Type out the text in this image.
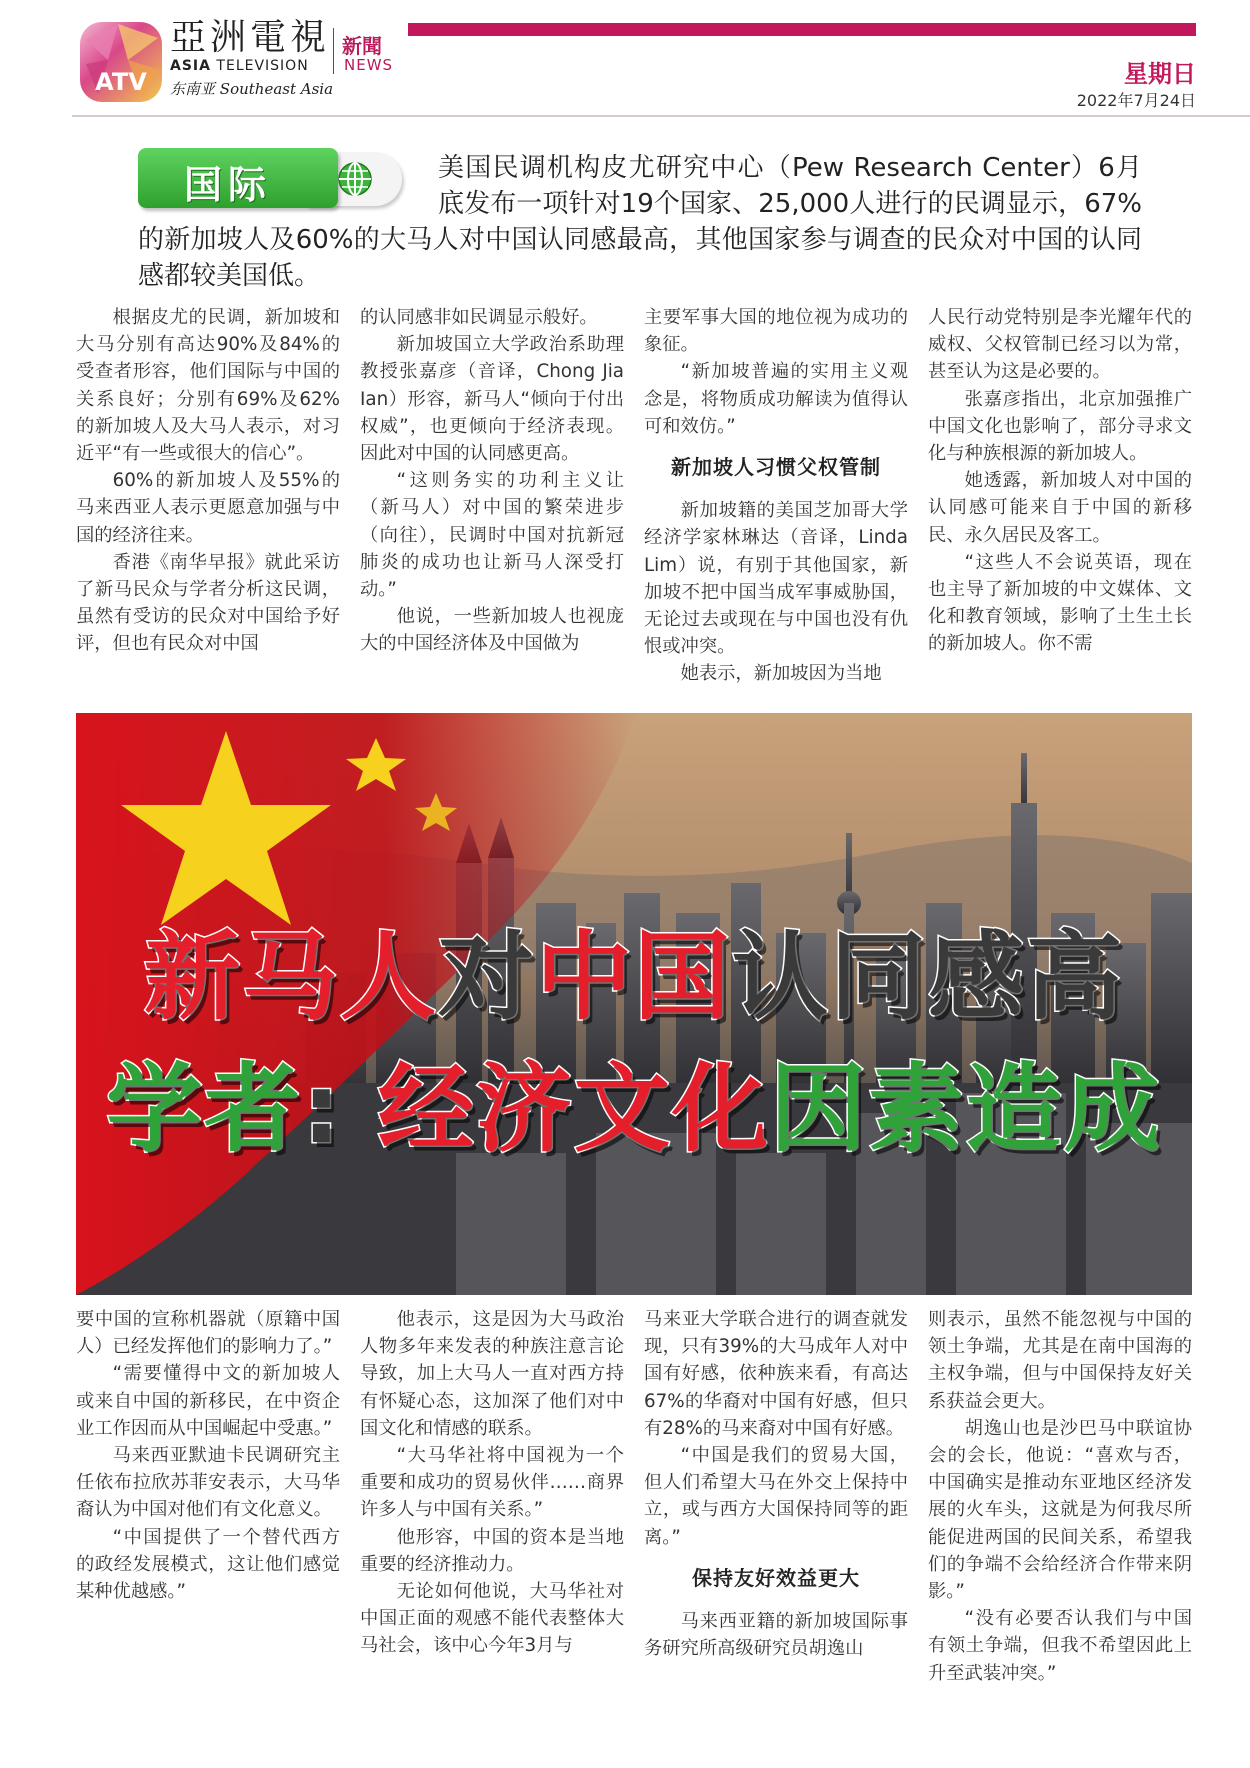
ATV
亞洲電視
ASIA TELEVISION
东南亚 Southeast Asia
新聞
NEWS	星期日
2022年7月24日
国际	美国民调机构皮尤研究中心（Pew Research Center）6月底发布一项针对19个国家、25,000人进行的民调显示，67%的新加坡人及60%的大马人对中国认同感最高，其他国家参与调查的民众对中国的认同感都较美国低。

根据皮尤的民调，新加坡和大马分别有高达90%及84%的受查者形容，他们国际与中国的关系良好；分别有69%及62%的新加坡人及大马人表示，对习近平“有一些或很大的信心”。

60%的新加坡人及55%的马来西亚人表示更愿意加强与中国的经济往来。

香港《南华早报》就此采访了新马民众与学者分析这民调，虽然有受访的民众对中国给予好评，但也有民众对中国

的认同感非如民调显示般好。

新加坡国立大学政治系助理教授张嘉彦（音译，Chong Jia Ian）形容，新马人“倾向于付出权威”，也更倾向于经济表现。因此对中国的认同感更高。

“这则务实的功利主义让（新马人）对中国的繁荣进步（向往），民调时中国对抗新冠肺炎的成功也让新马人深受打动。”

他说，一些新加坡人也视庞大的中国经济体及中国做为

主要军事大国的地位视为成功的象征。

“新加坡普遍的实用主义观念是，将物质成功解读为值得认可和效仿。”

新加坡人习惯父权管制

新加坡籍的美国芝加哥大学经济学家林琳达（音译，Linda Lim）说，有别于其他国家，新加坡不把中国当成军事威胁国，无论过去或现在与中国也没有仇恨或冲突。

她表示，新加坡因为当地

人民行动党特别是李光耀年代的威权、父权管制已经习以为常，甚至认为这是必要的。

张嘉彦指出，北京加强推广中国文化也影响了，部分寻求文化与种族根源的新加坡人。

她透露，新加坡人对中国的认同感可能来自于中国的新移民、永久居民及客工。

“这些人不会说英语，现在也主导了新加坡的中文媒体、文化和教育领域，影响了土生土长的新加坡人。你不需

新马人对中国认同感高
学者: 经济文化因素造成

要中国的宣称机器就（原籍中国人）已经发挥他们的影响力了。”

“需要懂得中文的新加坡人或来自中国的新移民，在中资企业工作因而从中国崛起中受惠。”

马来西亚默迪卡民调研究主任依布拉欣苏菲安表示，大马华裔认为中国对他们有文化意义。

“中国提供了一个替代西方的政经发展模式，这让他们感觉某种优越感。”

他表示，这是因为大马政治人物多年来发表的种族注意言论导致，加上大马人一直对西方持有怀疑心态，这加深了他们对中国文化和情感的联系。

“大马华社将中国视为一个重要和成功的贸易伙伴……商界许多人与中国有关系。”

他形容，中国的资本是当地重要的经济推动力。

无论如何他说，大马华社对中国正面的观感不能代表整体大马社会，该中心今年3月与

马来亚大学联合进行的调查就发现，只有39%的大马成年人对中国有好感，依种族来看，有高达67%的华裔对中国有好感，但只有28%的马来裔对中国有好感。

“中国是我们的贸易大国，但人们希望大马在外交上保持中立，或与西方大国保持同等的距离。”

保持友好效益更大

马来西亚籍的新加坡国际事务研究所高级研究员胡逸山

则表示，虽然不能忽视与中国的领土争端，尤其是在南中国海的主权争端，但与中国保持友好关系获益会更大。

胡逸山也是沙巴马中联谊协会的会长，他说：“喜欢与否，中国确实是推动东亚地区经济发展的火车头，这就是为何我尽所能促进两国的民间关系，希望我们的争端不会给经济合作带来阴影。”

“没有必要否认我们与中国有领土争端，但我不希望因此上升至武装冲突。”
